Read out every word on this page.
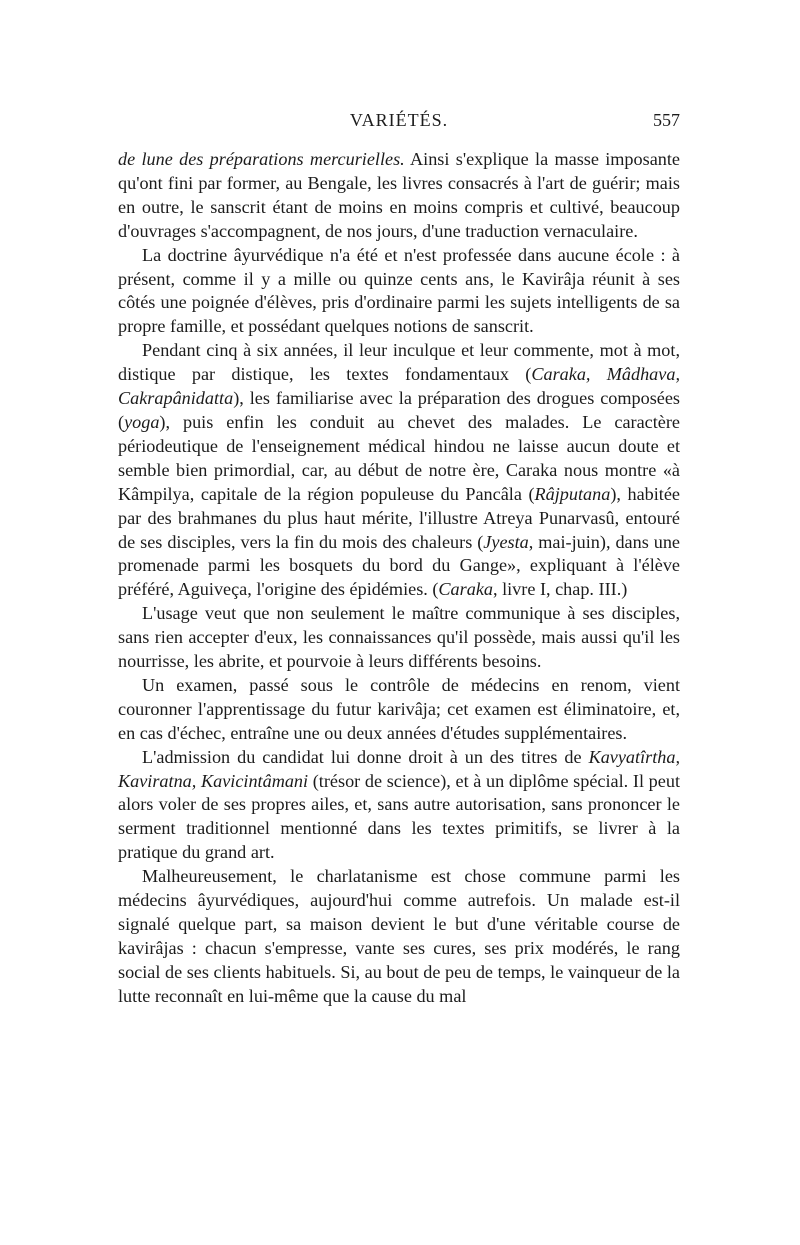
VARIÉTÉS.	557

de lune des préparations mercurielles. Ainsi s'explique la masse imposante qu'ont fini par former, au Bengale, les livres consacrés à l'art de guérir; mais en outre, le sanscrit étant de moins en moins compris et cultivé, beaucoup d'ouvrages s'accompagnent, de nos jours, d'une traduction vernaculaire.

La doctrine âyurvédique n'a été et n'est professée dans aucune école : à présent, comme il y a mille ou quinze cents ans, le Kavirâja réunit à ses côtés une poignée d'élèves, pris d'ordinaire parmi les sujets intelligents de sa propre famille, et possédant quelques notions de sanscrit.

Pendant cinq à six années, il leur inculque et leur commente, mot à mot, distique par distique, les textes fondamentaux (Caraka, Mâdhava, Cakrapânidatta), les familiarise avec la préparation des drogues composées (yoga), puis enfin les conduit au chevet des malades. Le caractère périodeutique de l'enseignement médical hindou ne laisse aucun doute et semble bien primordial, car, au début de notre ère, Caraka nous montre «à Kâmpilya, capitale de la région populeuse du Pancâla (Râjputana), habitée par des brahmanes du plus haut mérite, l'illustre Atreya Punarvasû, entouré de ses disciples, vers la fin du mois des chaleurs (Jyesta, mai-juin), dans une promenade parmi les bosquets du bord du Gange», expliquant à l'élève préféré, Aguiveça, l'origine des épidémies. (Caraka, livre I, chap. III.)

L'usage veut que non seulement le maître communique à ses disciples, sans rien accepter d'eux, les connaissances qu'il possède, mais aussi qu'il les nourrisse, les abrite, et pourvoie à leurs différents besoins.

Un examen, passé sous le contrôle de médecins en renom, vient couronner l'apprentissage du futur karivâja; cet examen est éliminatoire, et, en cas d'échec, entraîne une ou deux années d'études supplémentaires.

L'admission du candidat lui donne droit à un des titres de Kavyatîrtha, Kaviratna, Kavicintâmani (trésor de science), et à un diplôme spécial. Il peut alors voler de ses propres ailes, et, sans autre autorisation, sans prononcer le serment traditionnel mentionné dans les textes primitifs, se livrer à la pratique du grand art.

Malheureusement, le charlatanisme est chose commune parmi les médecins âyurvédiques, aujourd'hui comme autrefois. Un malade est-il signalé quelque part, sa maison devient le but d'une véritable course de kavirâjas : chacun s'empresse, vante ses cures, ses prix modérés, le rang social de ses clients habituels. Si, au bout de peu de temps, le vainqueur de la lutte reconnaît en lui-même que la cause du mal
